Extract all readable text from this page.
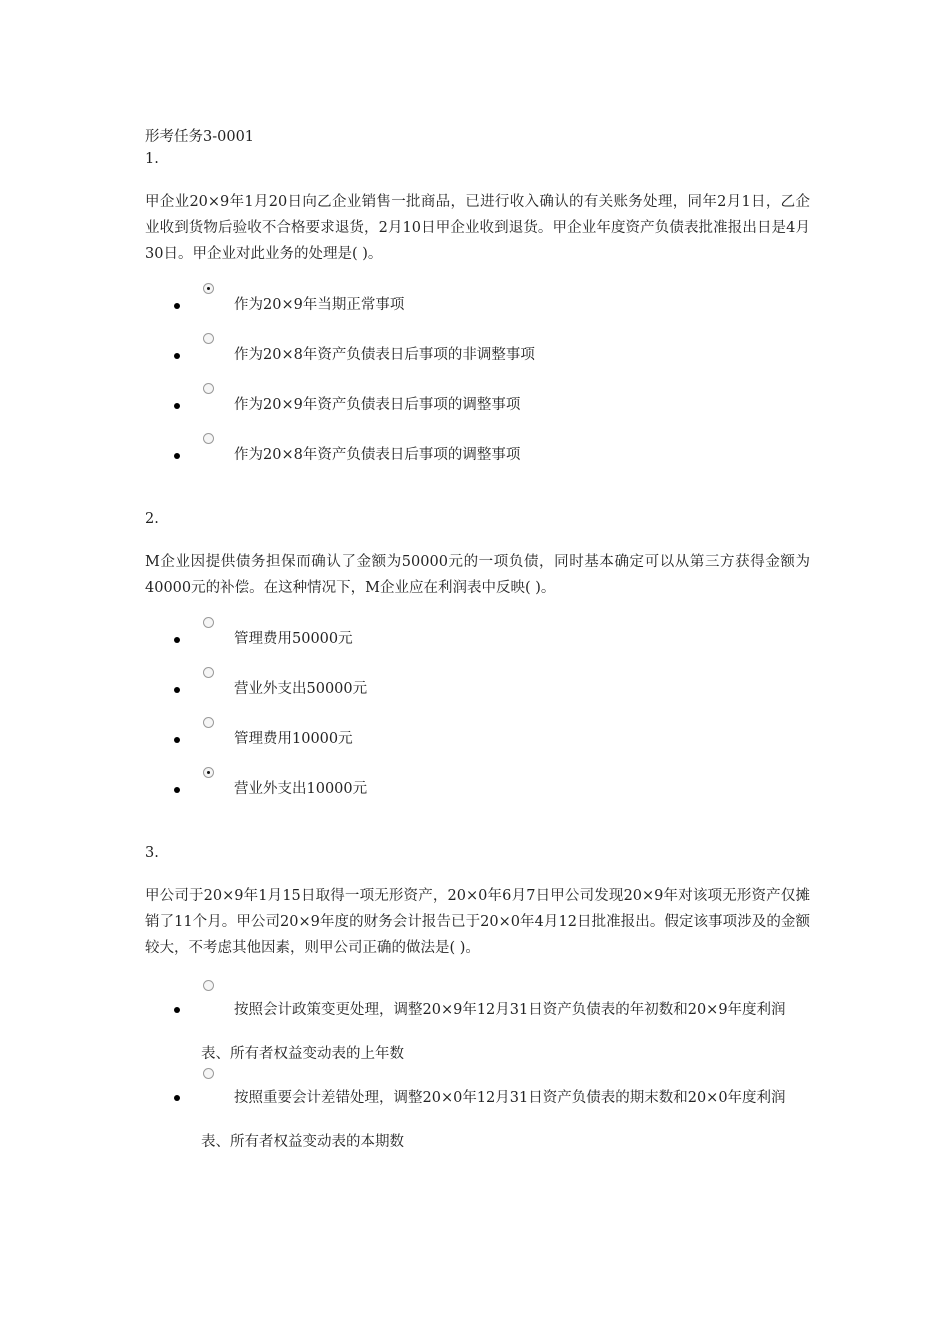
形考任务3-0001
1.
甲企业20×9年1月20日向乙企业销售一批商品，已进行收入确认的有关账务处理，同年2月1日，乙企业收到货物后验收不合格要求退货，2月10日甲企业收到退货。甲企业年度资产负债表批准报出日是4月30日。甲企业对此业务的处理是( )。
作为20×9年当期正常事项
作为20×8年资产负债表日后事项的非调整事项
作为20×9年资产负债表日后事项的调整事项
作为20×8年资产负债表日后事项的调整事项
2.
M企业因提供债务担保而确认了金额为50000元的一项负债，同时基本确定可以从第三方获得金额为40000元的补偿。在这种情况下，M企业应在利润表中反映( )。
管理费用50000元
营业外支出50000元
管理费用10000元
营业外支出10000元
3.
甲公司于20×9年1月15日取得一项无形资产，20×0年6月7日甲公司发现20×9年对该项无形资产仅摊销了11个月。甲公司20×9年度的财务会计报告已于20×0年4月12日批准报出。假定该事项涉及的金额较大，不考虑其他因素，则甲公司正确的做法是( )。
按照会计政策变更处理，调整20×9年12月31日资产负债表的年初数和20×9年度利润表、所有者权益变动表的上年数
按照重要会计差错处理，调整20×0年12月31日资产负债表的期末数和20×0年度利润表、所有者权益变动表的本期数
